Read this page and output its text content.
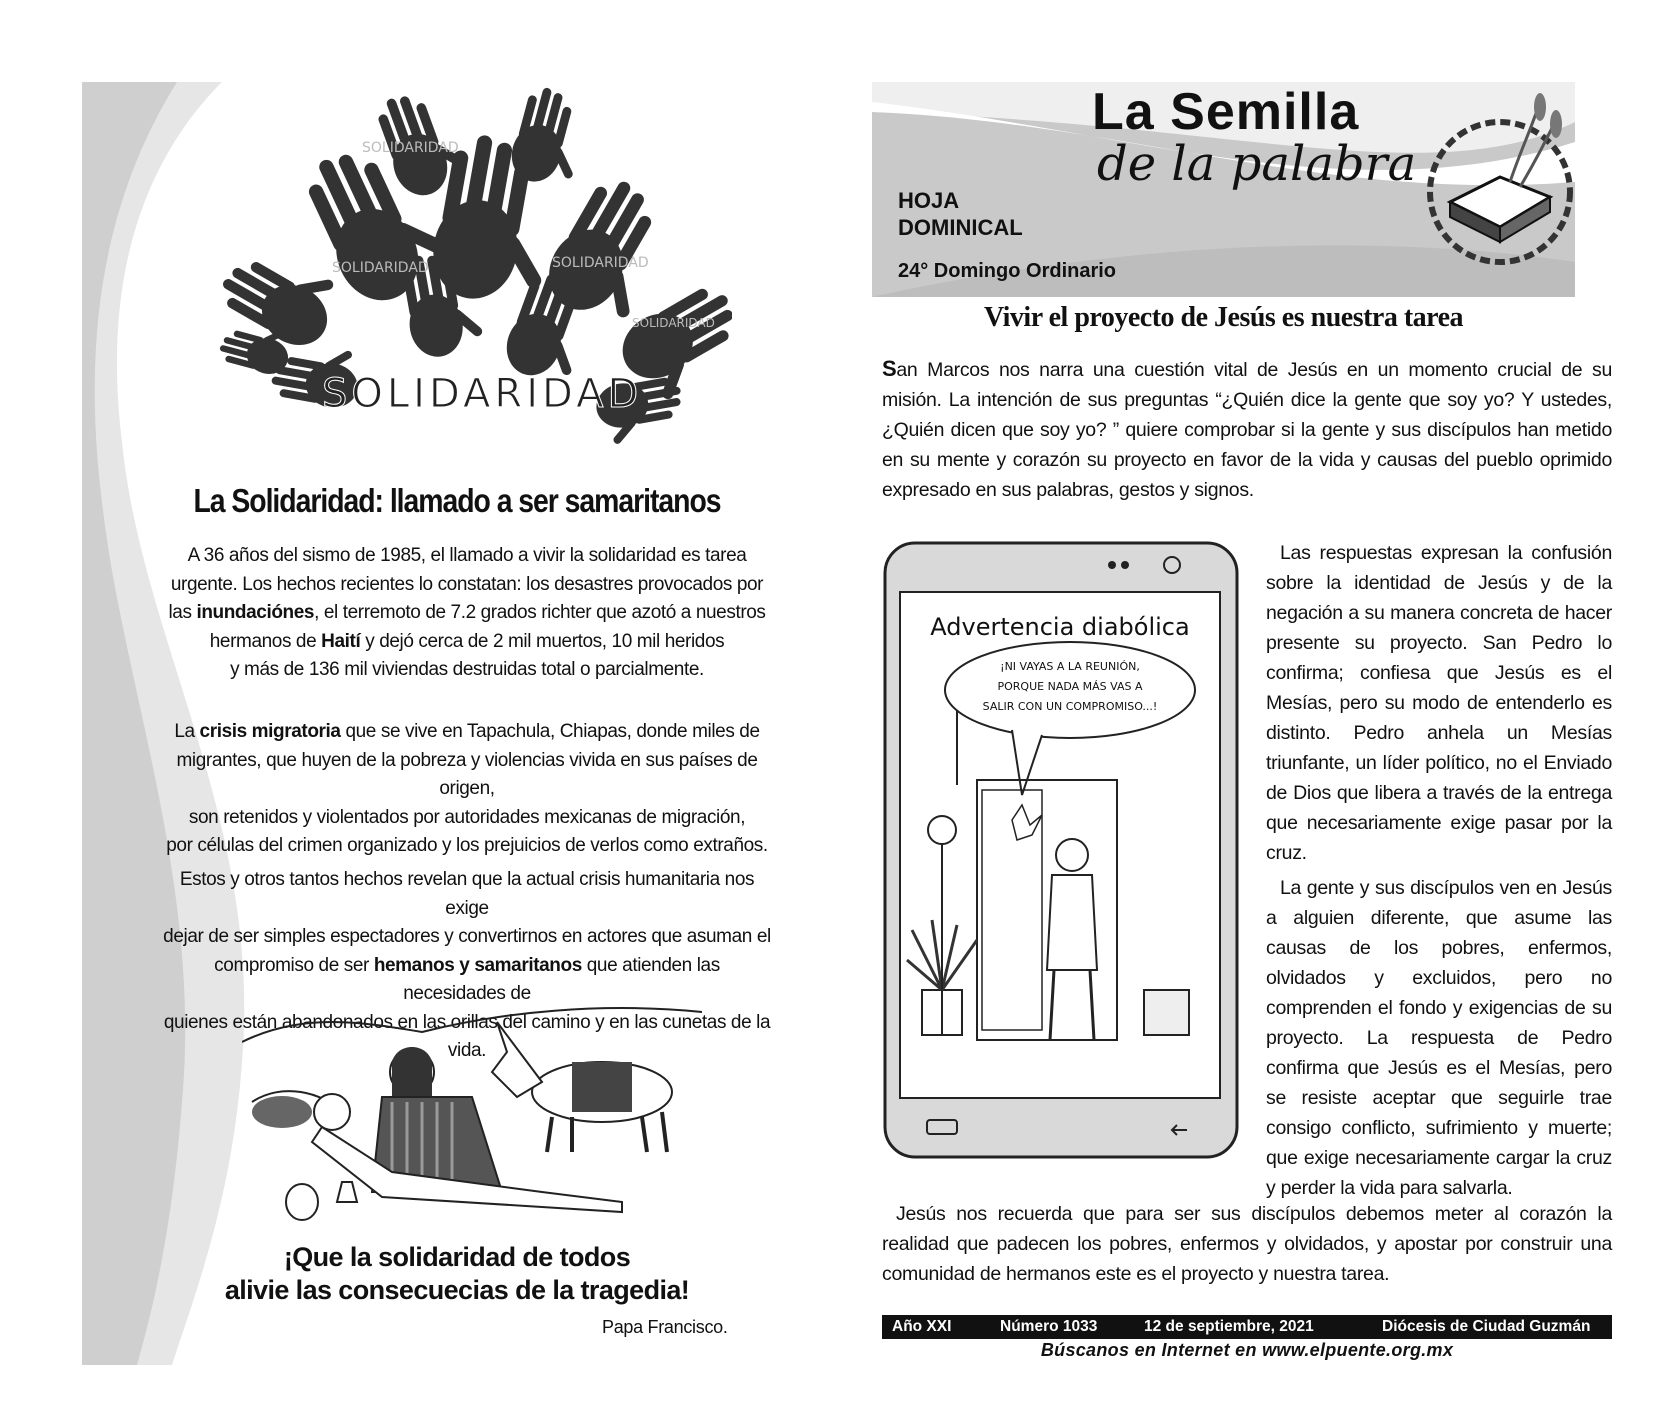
SOLIDARIDAD
SOLIDARIDAD	SOLIDARIDAD
SOLIDARIDAD
SOLIDARIDAD
La Solidaridad: llamado a ser samaritanos
A 36 años del sismo de 1985, el llamado a vivir la solidaridad es tarea
urgente. Los hechos recientes lo constatan: los desastres provocados por
las inundaciónes, el terremoto de 7.2 grados richter que azotó a nuestros
hermanos de Haití y dejó cerca de 2 mil muertos, 10 mil heridos
y más de 136 mil viviendas destruidas total o parcialmente.
La crisis migratoria que se vive en Tapachula, Chiapas, donde miles de
migrantes, que huyen de la pobreza y violencias vivida en sus países de origen,
son retenidos y violentados por autoridades mexicanas de migración,
por células del crimen organizado y los prejuicios de verlos como extraños.
Estos y otros tantos hechos revelan que la actual crisis humanitaria nos exige
dejar de ser simples espectadores y convertirnos en actores que asuman el
compromiso de ser hemanos y samaritanos que atienden las necesidades de
quienes están abandonados en las orillas del camino y en las cunetas de la vida.
¡Que la solidaridad de todos
alivie las consecuecias de la tragedia!
Papa Francisco.
La Semilla
de la palabra
HOJA
DOMINICAL
24° Domingo Ordinario
Vivir el proyecto de Jesús es nuestra tarea
San Marcos nos narra una cuestión vital de Jesús en un momento crucial de su misión. La intención de sus preguntas “¿Quién dice la gente que soy yo? Y ustedes, ¿Quién dicen que soy yo? ” quiere comprobar si la gente y sus discípulos han metido en su mente y corazón su proyecto en favor de la vida y causas del pueblo oprimido expresado en sus palabras, gestos y signos.
Advertencia diabólica
¡NI VAYAS A LA REUNIÓN,
PORQUE NADA MÁS VAS A
SALIR CON UN COMPROMISO...!
Las respuestas expresan la confusión sobre la identidad de Jesús y de la negación a su manera concreta de hacer presente su proyecto. San Pedro lo confirma; confiesa que Jesús es el Mesías, pero su modo de entenderlo es distinto. Pedro anhela un Mesías triunfante, un líder político, no el Enviado de Dios que libera a través de la entrega que necesariamente exige pasar por la cruz.
La gente y sus discípulos ven en Jesús a alguien diferente, que asume las causas de los pobres, enfermos, olvidados y excluidos, pero no comprenden el fondo y exigencias de su proyecto. La respuesta de Pedro confirma que Jesús es el Mesías, pero se resiste aceptar que seguirle trae consigo conflicto, sufrimiento y muerte; que exige necesariamente cargar la cruz y perder la vida para salvarla.
Jesús nos recuerda que para ser sus discípulos debemos meter al corazón la realidad que padecen los pobres, enfermos y olvidados, y apostar por construir una comunidad de hermanos este es el proyecto y nuestra tarea.
Año XXI	Número 1033	12 de septiembre, 2021	Diócesis de Ciudad Guzmán
Búscanos en Internet en www.elpuente.org.mx
